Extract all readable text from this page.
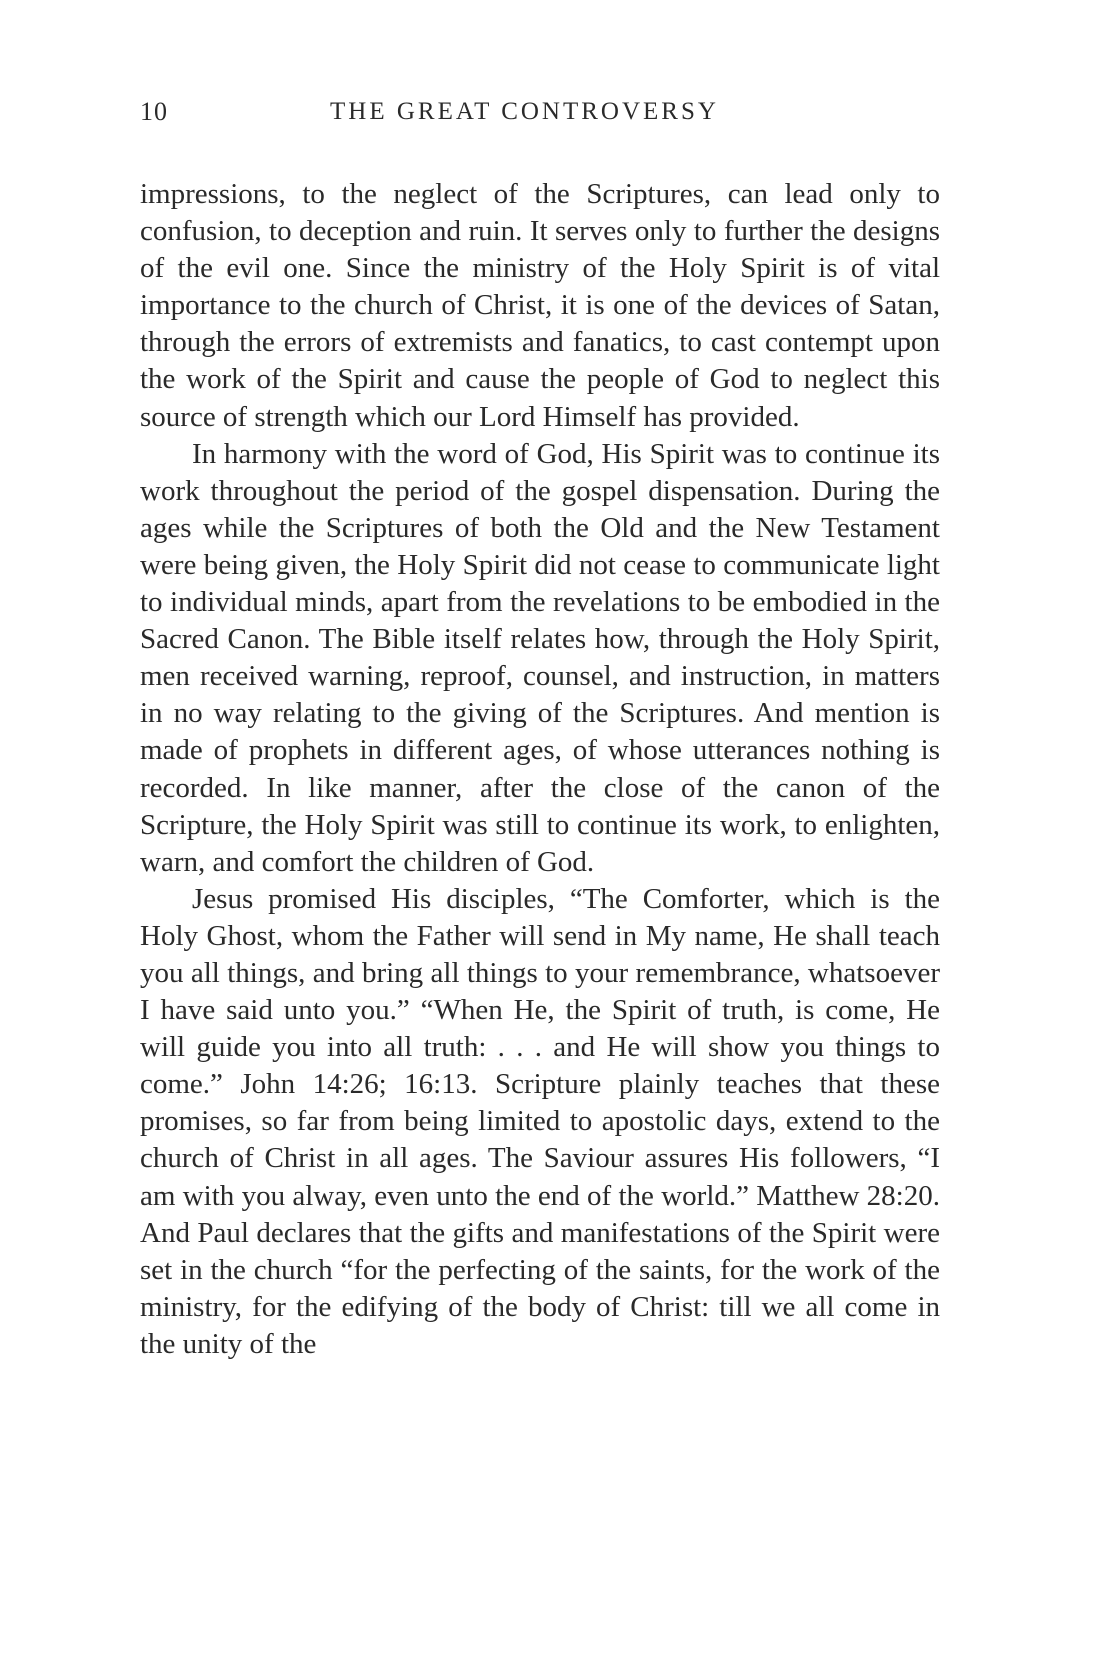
10	THE GREAT CONTROVERSY

impressions, to the neglect of the Scriptures, can lead only to confusion, to deception and ruin. It serves only to further the designs of the evil one. Since the ministry of the Holy Spirit is of vital importance to the church of Christ, it is one of the devices of Satan, through the errors of extremists and fanatics, to cast contempt upon the work of the Spirit and cause the people of God to neglect this source of strength which our Lord Himself has provided.

In harmony with the word of God, His Spirit was to continue its work throughout the period of the gospel dispensation. During the ages while the Scriptures of both the Old and the New Testament were being given, the Holy Spirit did not cease to communicate light to individual minds, apart from the revelations to be embodied in the Sacred Canon. The Bible itself relates how, through the Holy Spirit, men received warning, reproof, counsel, and instruction, in matters in no way relating to the giving of the Scriptures. And mention is made of prophets in different ages, of whose utterances nothing is recorded. In like manner, after the close of the canon of the Scripture, the Holy Spirit was still to continue its work, to enlighten, warn, and comfort the children of God.

Jesus promised His disciples, “The Comforter, which is the Holy Ghost, whom the Father will send in My name, He shall teach you all things, and bring all things to your remembrance, whatsoever I have said unto you.” “When He, the Spirit of truth, is come, He will guide you into all truth: . . . and He will show you things to come.” John 14:26; 16:13. Scripture plainly teaches that these promises, so far from being limited to apostolic days, extend to the church of Christ in all ages. The Saviour assures His followers, “I am with you alway, even unto the end of the world.” Matthew 28:20. And Paul declares that the gifts and manifestations of the Spirit were set in the church “for the perfecting of the saints, for the work of the ministry, for the edifying of the body of Christ: till we all come in the unity of the
